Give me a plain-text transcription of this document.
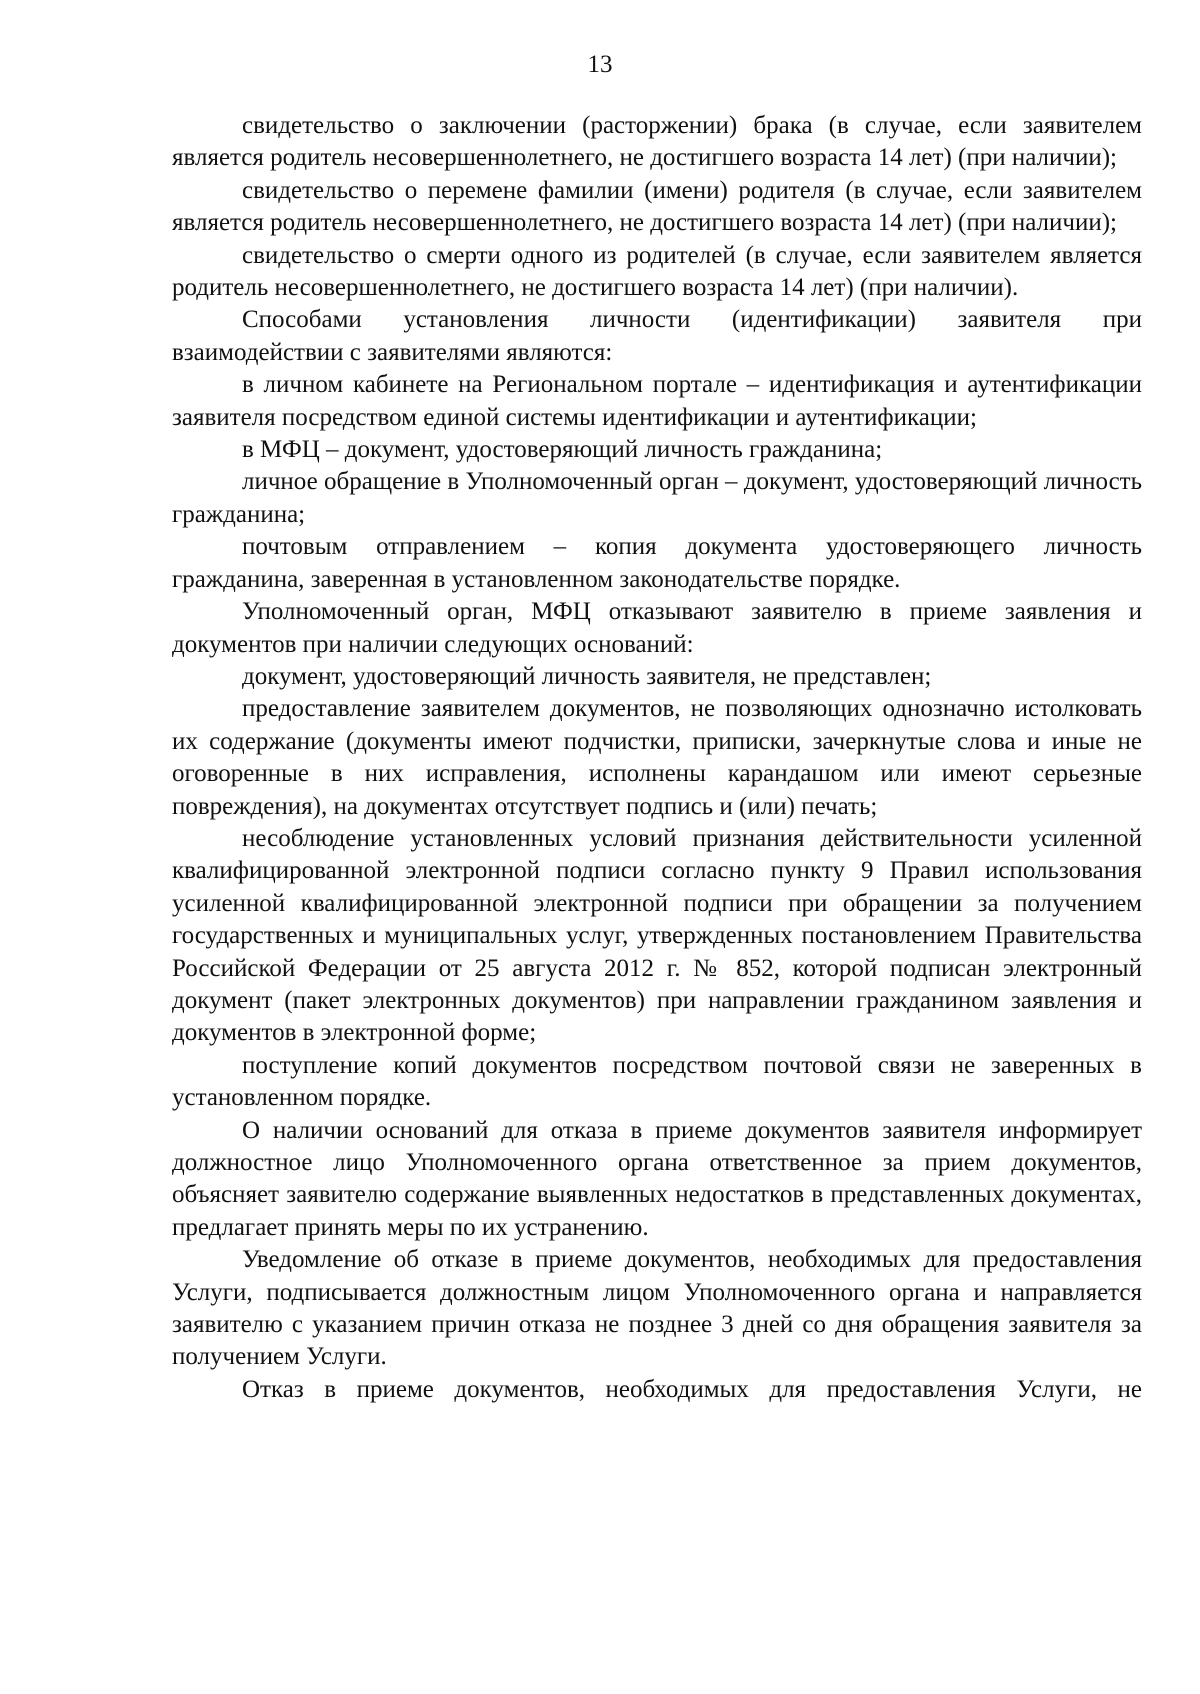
13

свидетельство о заключении (расторжении) брака (в случае, если заявителем является родитель несовершеннолетнего, не достигшего возраста 14 лет) (при наличии);

свидетельство о перемене фамилии (имени) родителя (в случае, если заявителем является родитель несовершеннолетнего, не достигшего возраста 14 лет) (при наличии);

свидетельство о смерти одного из родителей (в случае, если заявителем является родитель несовершеннолетнего, не достигшего возраста 14 лет) (при наличии).

Способами установления личности (идентификации) заявителя при взаимодействии с заявителями являются:

в личном кабинете на Региональном портале – идентификация и аутентификации заявителя посредством единой системы идентификации и аутентификации;

в МФЦ – документ, удостоверяющий личность гражданина;

личное обращение в Уполномоченный орган – документ, удостоверяющий личность гражданина;

почтовым отправлением – копия документа удостоверяющего личность гражданина, заверенная в установленном законодательстве порядке.

Уполномоченный орган, МФЦ отказывают заявителю в приеме заявления и документов при наличии следующих оснований:

документ, удостоверяющий личность заявителя, не представлен;

предоставление заявителем документов, не позволяющих однозначно истолковать их содержание (документы имеют подчистки, приписки, зачеркнутые слова и иные не оговоренные в них исправления, исполнены карандашом или имеют серьезные повреждения), на документах отсутствует подпись и (или) печать;

несоблюдение установленных условий признания действительности усиленной квалифицированной электронной подписи согласно пункту 9 Правил использования усиленной квалифицированной электронной подписи при обращении за получением государственных и муниципальных услуг, утвержденных постановлением Правительства Российской Федерации от 25 августа 2012 г. № 852, которой подписан электронный документ (пакет электронных документов) при направлении гражданином заявления и документов в электронной форме;

поступление копий документов посредством почтовой связи не заверенных в установленном порядке.

О наличии оснований для отказа в приеме документов заявителя информирует должностное лицо Уполномоченного органа ответственное за прием документов, объясняет заявителю содержание выявленных недостатков в представленных документах, предлагает принять меры по их устранению.

Уведомление об отказе в приеме документов, необходимых для предоставления Услуги, подписывается должностным лицом Уполномоченного органа и направляется заявителю с указанием причин отказа не позднее 3 дней со дня обращения заявителя за получением Услуги.

Отказ в приеме документов, необходимых для предоставления Услуги, не
